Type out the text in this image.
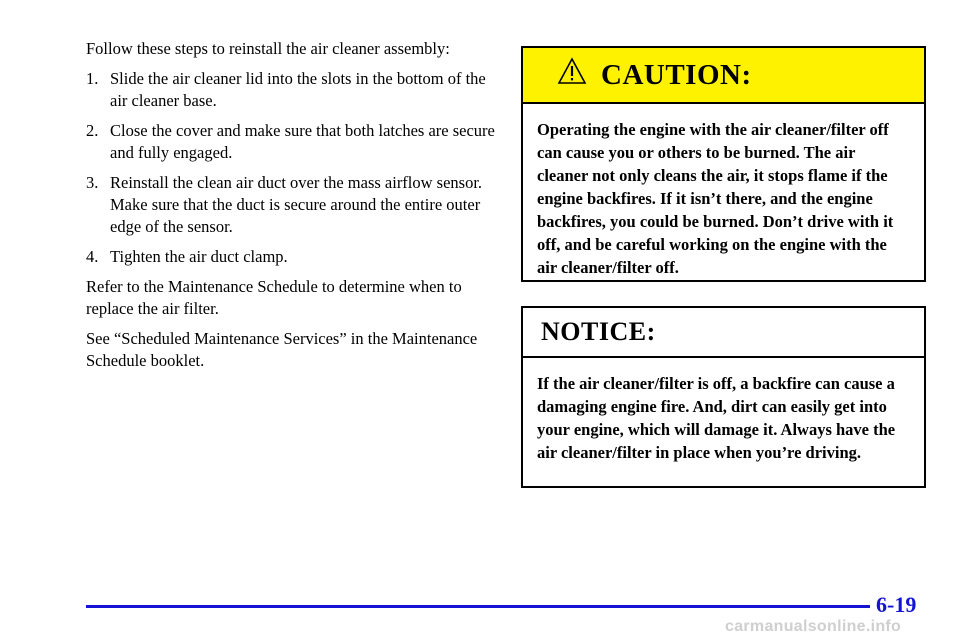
Follow these steps to reinstall the air cleaner assembly:

1. Slide the air cleaner lid into the slots in the bottom of the air cleaner base.
2. Close the cover and make sure that both latches are secure and fully engaged.
3. Reinstall the clean air duct over the mass airflow sensor. Make sure that the duct is secure around the entire outer edge of the sensor.
4. Tighten the air duct clamp.

Refer to the Maintenance Schedule to determine when to replace the air filter.

See “Scheduled Maintenance Services” in the Maintenance Schedule booklet.

CAUTION:
Operating the engine with the air cleaner/filter off can cause you or others to be burned. The air cleaner not only cleans the air, it stops flame if the engine backfires. If it isn’t there, and the engine backfires, you could be burned. Don’t drive with it off, and be careful working on the engine with the air cleaner/filter off.
NOTICE:
If the air cleaner/filter is off, a backfire can cause a damaging engine fire. And, dirt can easily get into your engine, which will damage it. Always have the air cleaner/filter in place when you’re driving.
6-19
carmanualsonline.info
